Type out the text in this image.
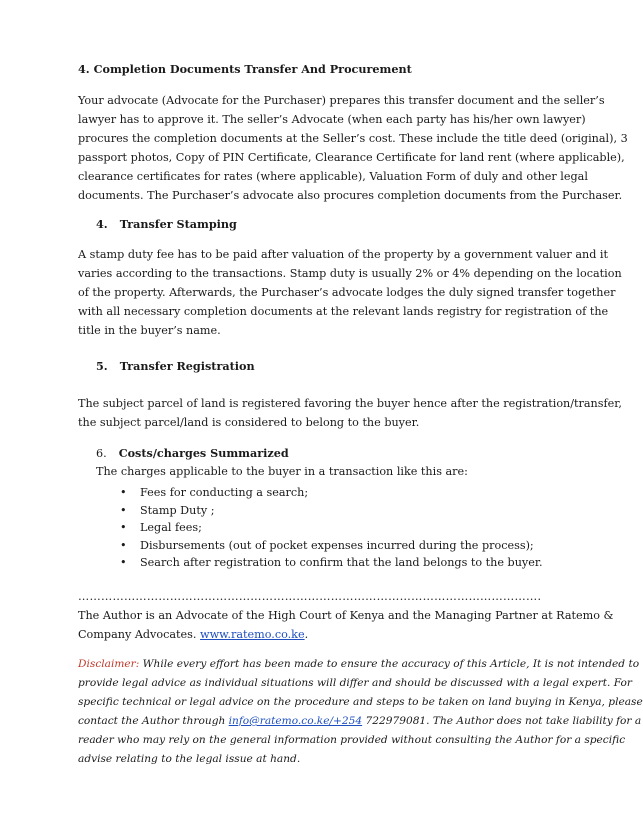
4. Completion Documents Transfer And Procurement
Your advocate (Advocate for the Purchaser) prepares this transfer document and the seller’s
lawyer has to approve it. The seller’s Advocate (when each party has his/her own lawyer)
procures the completion documents at the Seller’s cost. These include the title deed (original), 3
passport photos, Copy of PIN Certificate, Clearance Certificate for land rent (where applicable),
clearance certificates for rates (where applicable), Valuation Form of duly and other legal
documents. The Purchaser’s advocate also procures completion documents from the Purchaser.
4. Transfer Stamping
A stamp duty fee has to be paid after valuation of the property by a government valuer and it
varies according to the transactions. Stamp duty is usually 2% or 4% depending on the location
of the property. Afterwards, the Purchaser’s advocate lodges the duly signed transfer together
with all necessary completion documents at the relevant lands registry for registration of the
title in the buyer’s name.
5. Transfer Registration
The subject parcel of land is registered favoring the buyer hence after the registration/transfer,
the subject parcel/land is considered to belong to the buyer.
6. Costs/charges Summarized
The charges applicable to the buyer in a transaction like this are:
• Fees for conducting a search;
• Stamp Duty ;
• Legal fees;
• Disbursements (out of pocket expenses incurred during the process);
• Search after registration to confirm that the land belongs to the buyer.
………………………………………………………………………………………………………….
The Author is an Advocate of the High Court of Kenya and the Managing Partner at Ratemo &
Company Advocates. www.ratemo.co.ke.
Disclaimer: While every effort has been made to ensure the accuracy of this Article, It is not intended to
provide legal advice as individual situations will differ and should be discussed with a legal expert. For
specific technical or legal advice on the procedure and steps to be taken on land buying in Kenya, please
contact the Author through info@ratemo.co.ke/+254 722979081. The Author does not take liability for a
reader who may rely on the general information provided without consulting the Author for a specific
advise relating to the legal issue at hand.
